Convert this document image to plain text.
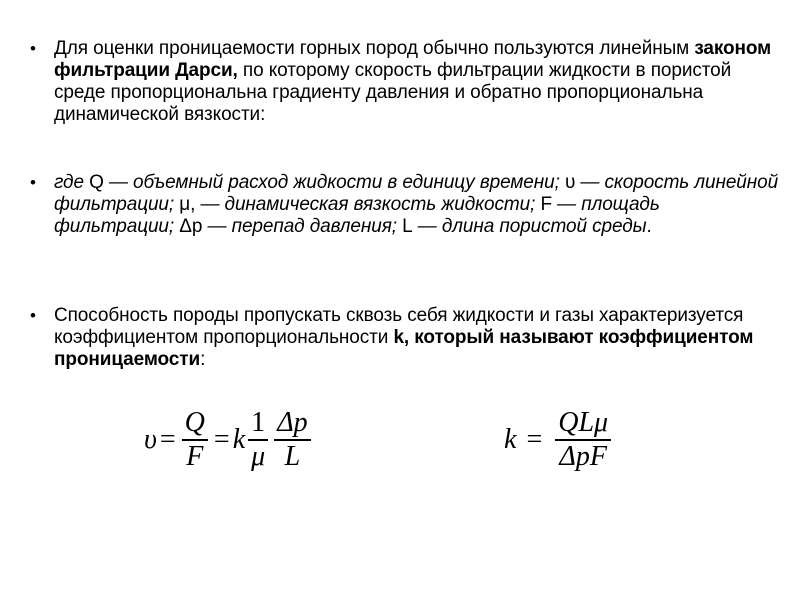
• Для оценки проницаемости горных пород обычно пользуются линейным законом фильтрации Дарси, по которому скорость фильтрации жидкости в пористой среде пропорциональна градиенту давления и обратно пропорциональна динамической вязкости:
• где Q — объемный расход жидкости в единицу времени; υ — скорость линейной фильтрации; μ, — динамическая вязкость жидкости; F — площадь фильтрации; Δp — перепад давления; L — длина пористой среды.
• Способность породы пропускать сквозь себя жидкости и газы характеризуется коэффициентом пропорциональности k, который называют коэффициентом проницаемости:
$\upsilon = \frac{Q}{F} = k \frac{1}{\mu} \frac{\Delta p}{L}$	$k = \frac{\text{QLμ}}{\text{ΔpF}}$
